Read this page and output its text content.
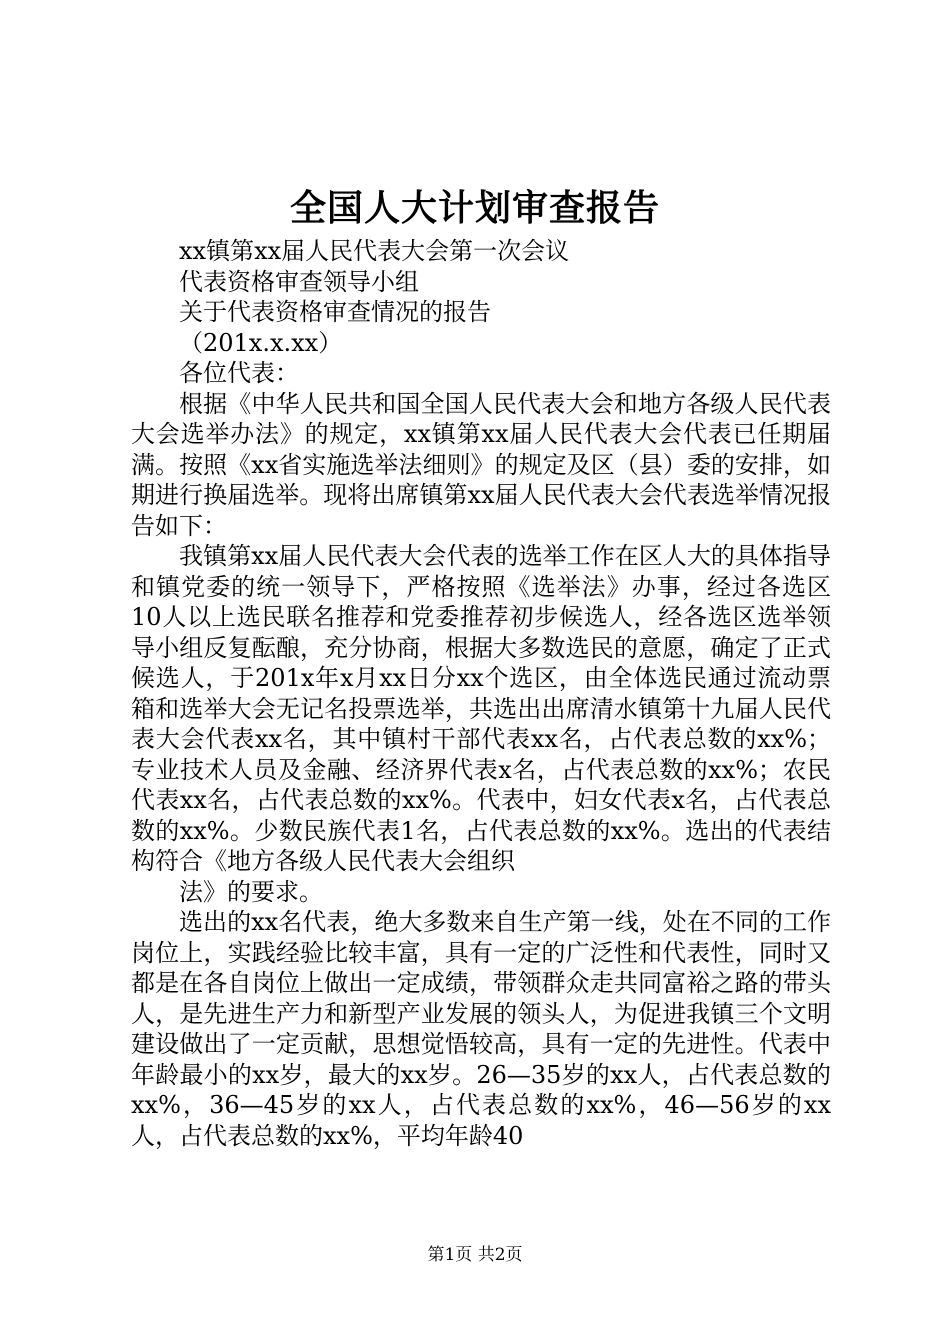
全国人大计划审查报告
xx镇第xx届人民代表大会第一次会议
代表资格审查领导小组
关于代表资格审查情况的报告
（201x.x.xx）
各位代表：

根据《中华人民共和国全国人民代表大会和地方各级人民代表大会选举办法》的规定，xx镇第xx届人民代表大会代表已任期届满。按照《xx省实施选举法细则》的规定及区（县）委的安排，如期进行换届选举。现将出席镇第xx届人民代表大会代表选举情况报告如下：

我镇第xx届人民代表大会代表的选举工作在区人大的具体指导和镇党委的统一领导下，严格按照《选举法》办事，经过各选区10人以上选民联名推荐和党委推荐初步候选人，经各选区选举领导小组反复酝酿，充分协商，根据大多数选民的意愿，确定了正式候选人，于201x年x月xx日分xx个选区，由全体选民通过流动票箱和选举大会无记名投票选举，共选出出席清水镇第十九届人民代表大会代表xx名，其中镇村干部代表xx名，占代表总数的xx%；专业技术人员及金融、经济界代表x名，占代表总数的xx%；农民代表xx名，占代表总数的xx%。代表中，妇女代表x名，占代表总数的xx%。少数民族代表1名，占代表总数的xx%。选出的代表结构符合《地方各级人民代表大会组织

法》的要求。

选出的xx名代表，绝大多数来自生产第一线，处在不同的工作岗位上，实践经验比较丰富，具有一定的广泛性和代表性，同时又都是在各自岗位上做出一定成绩，带领群众走共同富裕之路的带头人，是先进生产力和新型产业发展的领头人，为促进我镇三个文明建设做出了一定贡献，思想觉悟较高，具有一定的先进性。代表中年龄最小的xx岁，最大的xx岁。26—35岁的xx人，占代表总数的xx%，36—45岁的xx人，占代表总数的xx%，46—56岁的xx人，占代表总数的xx%，平均年龄40

第1页 共2页
